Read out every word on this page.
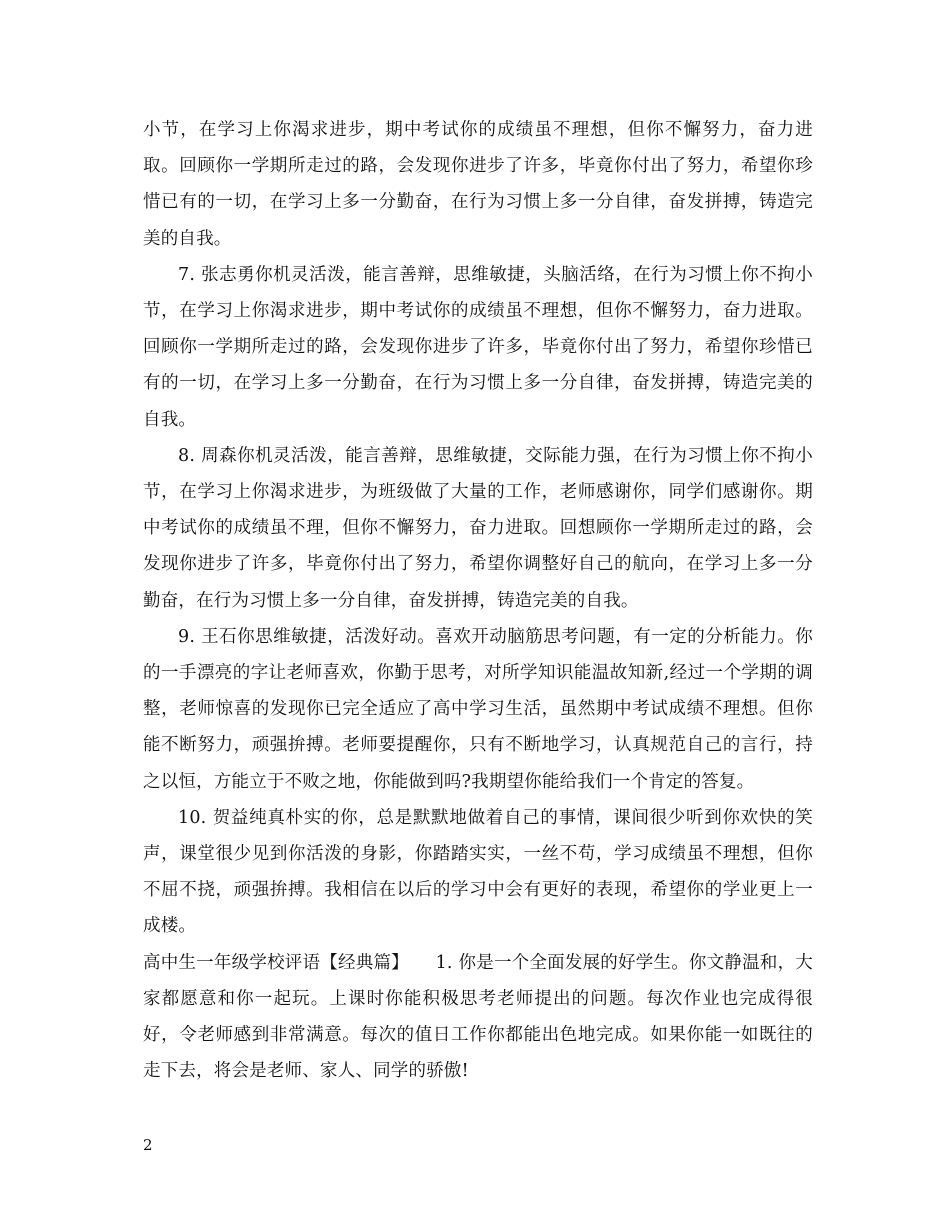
小节，在学习上你渴求进步，期中考试你的成绩虽不理想，但你不懈努力，奋力进取。回顾你一学期所走过的路，会发现你进步了许多，毕竟你付出了努力，希望你珍惜已有的一切，在学习上多一分勤奋，在行为习惯上多一分自律，奋发拼搏，铸造完美的自我。

7. 张志勇你机灵活泼，能言善辩，思维敏捷，头脑活络，在行为习惯上你不拘小节，在学习上你渴求进步，期中考试你的成绩虽不理想，但你不懈努力，奋力进取。回顾你一学期所走过的路，会发现你进步了许多，毕竟你付出了努力，希望你珍惜已有的一切，在学习上多一分勤奋，在行为习惯上多一分自律，奋发拼搏，铸造完美的自我。

8. 周森你机灵活泼，能言善辩，思维敏捷，交际能力强，在行为习惯上你不拘小节，在学习上你渴求进步，为班级做了大量的工作，老师感谢你，同学们感谢你。期中考试你的成绩虽不理，但你不懈努力，奋力进取。回想顾你一学期所走过的路，会发现你进步了许多，毕竟你付出了努力，希望你调整好自己的航向，在学习上多一分勤奋，在行为习惯上多一分自律，奋发拼搏，铸造完美的自我。

9. 王石你思维敏捷，活泼好动。喜欢开动脑筋思考问题，有一定的分析能力。你的一手漂亮的字让老师喜欢，你勤于思考，对所学知识能温故知新,经过一个学期的调整，老师惊喜的发现你已完全适应了高中学习生活，虽然期中考试成绩不理想。但你能不断努力，顽强拚搏。老师要提醒你，只有不断地学习，认真规范自己的言行，持之以恒，方能立于不败之地，你能做到吗?我期望你能给我们一个肯定的答复。

10. 贺益纯真朴实的你，总是默默地做着自己的事情，课间很少听到你欢快的笑声，课堂很少见到你活泼的身影，你踏踏实实，一丝不苟，学习成绩虽不理想，但你不屈不挠，顽强拚搏。我相信在以后的学习中会有更好的表现，希望你的学业更上一成楼。

高中生一年级学校评语【经典篇】　　1. 你是一个全面发展的好学生。你文静温和，大家都愿意和你一起玩。上课时你能积极思考老师提出的问题。每次作业也完成得很好，令老师感到非常满意。每次的值日工作你都能出色地完成。如果你能一如既往的走下去，将会是老师、家人、同学的骄傲!

2
